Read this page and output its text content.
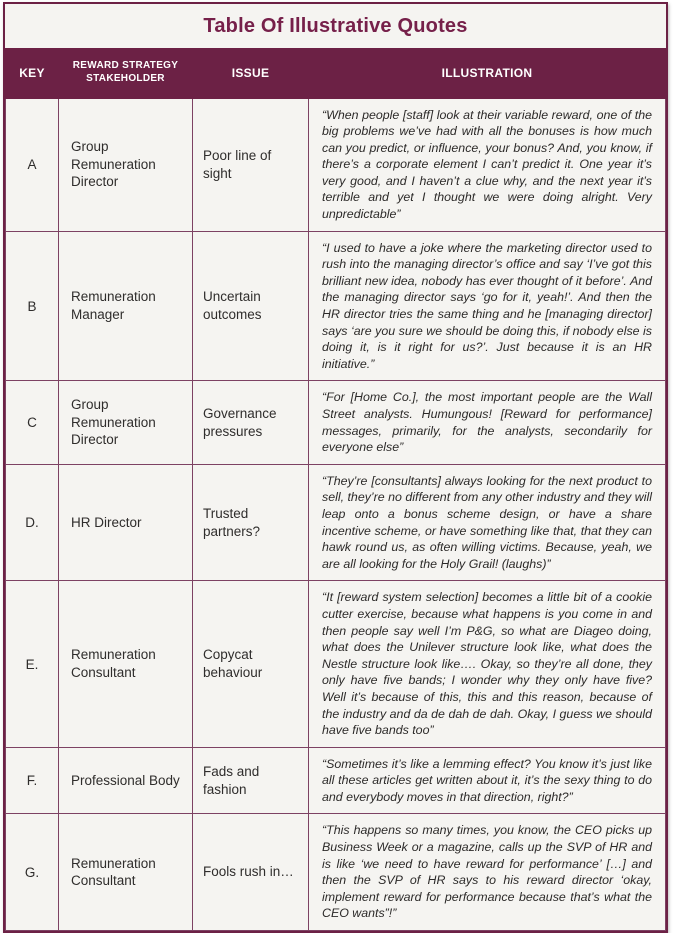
Table Of Illustrative Quotes
KEY	REWARD STRATEGY STAKEHOLDER	ISSUE	ILLUSTRATION
A	Group Remuneration Director	Poor line of sight	“When people [staff] look at their variable reward, one of the big problems we’ve had with all the bonuses is how much can you predict, or influence, your bonus? And, you know, if there’s a corporate element I can’t predict it. One year it’s very good, and I haven’t a clue why, and the next year it’s terrible and yet I thought we were doing alright. Very unpredictable”
B	Remuneration Manager	Uncertain outcomes	“I used to have a joke where the marketing director used to rush into the managing director’s office and say ‘I’ve got this brilliant new idea, nobody has ever thought of it before’. And the managing director says ‘go for it, yeah!’. And then the HR director tries the same thing and he [managing director] says ‘are you sure we should be doing this, if nobody else is doing it, is it right for us?’. Just because it is an HR initiative.”
C	Group Remuneration Director	Governance pressures	“For [Home Co.], the most important people are the Wall Street analysts. Humungous! [Reward for performance] messages, primarily, for the analysts, secondarily for everyone else”
D.	HR Director	Trusted partners?	“They’re [consultants] always looking for the next product to sell, they’re no different from any other industry and they will leap onto a bonus scheme design, or have a share incentive scheme, or have something like that, that they can hawk round us, as often willing victims. Because, yeah, we are all looking for the Holy Grail! (laughs)”
E.	Remuneration Consultant	Copycat behaviour	“It [reward system selection] becomes a little bit of a cookie cutter exercise, because what happens is you come in and then people say well I’m P&G, so what are Diageo doing, what does the Unilever structure look like, what does the Nestle structure look like…. Okay, so they’re all done, they only have five bands; I wonder why they only have five? Well it’s because of this, this and this reason, because of the industry and da de dah de dah. Okay, I guess we should have five bands too”
F.	Professional Body	Fads and fashion	“Sometimes it’s like a lemming effect? You know it’s just like all these articles get written about it, it’s the sexy thing to do and everybody moves in that direction, right?”
G.	Remuneration Consultant	Fools rush in…	“This happens so many times, you know, the CEO picks up Business Week or a magazine, calls up the SVP of HR and is like ‘we need to have reward for performance’ […] and then the SVP of HR says to his reward director ‘okay, implement reward for performance because that’s what the CEO wants”!”
